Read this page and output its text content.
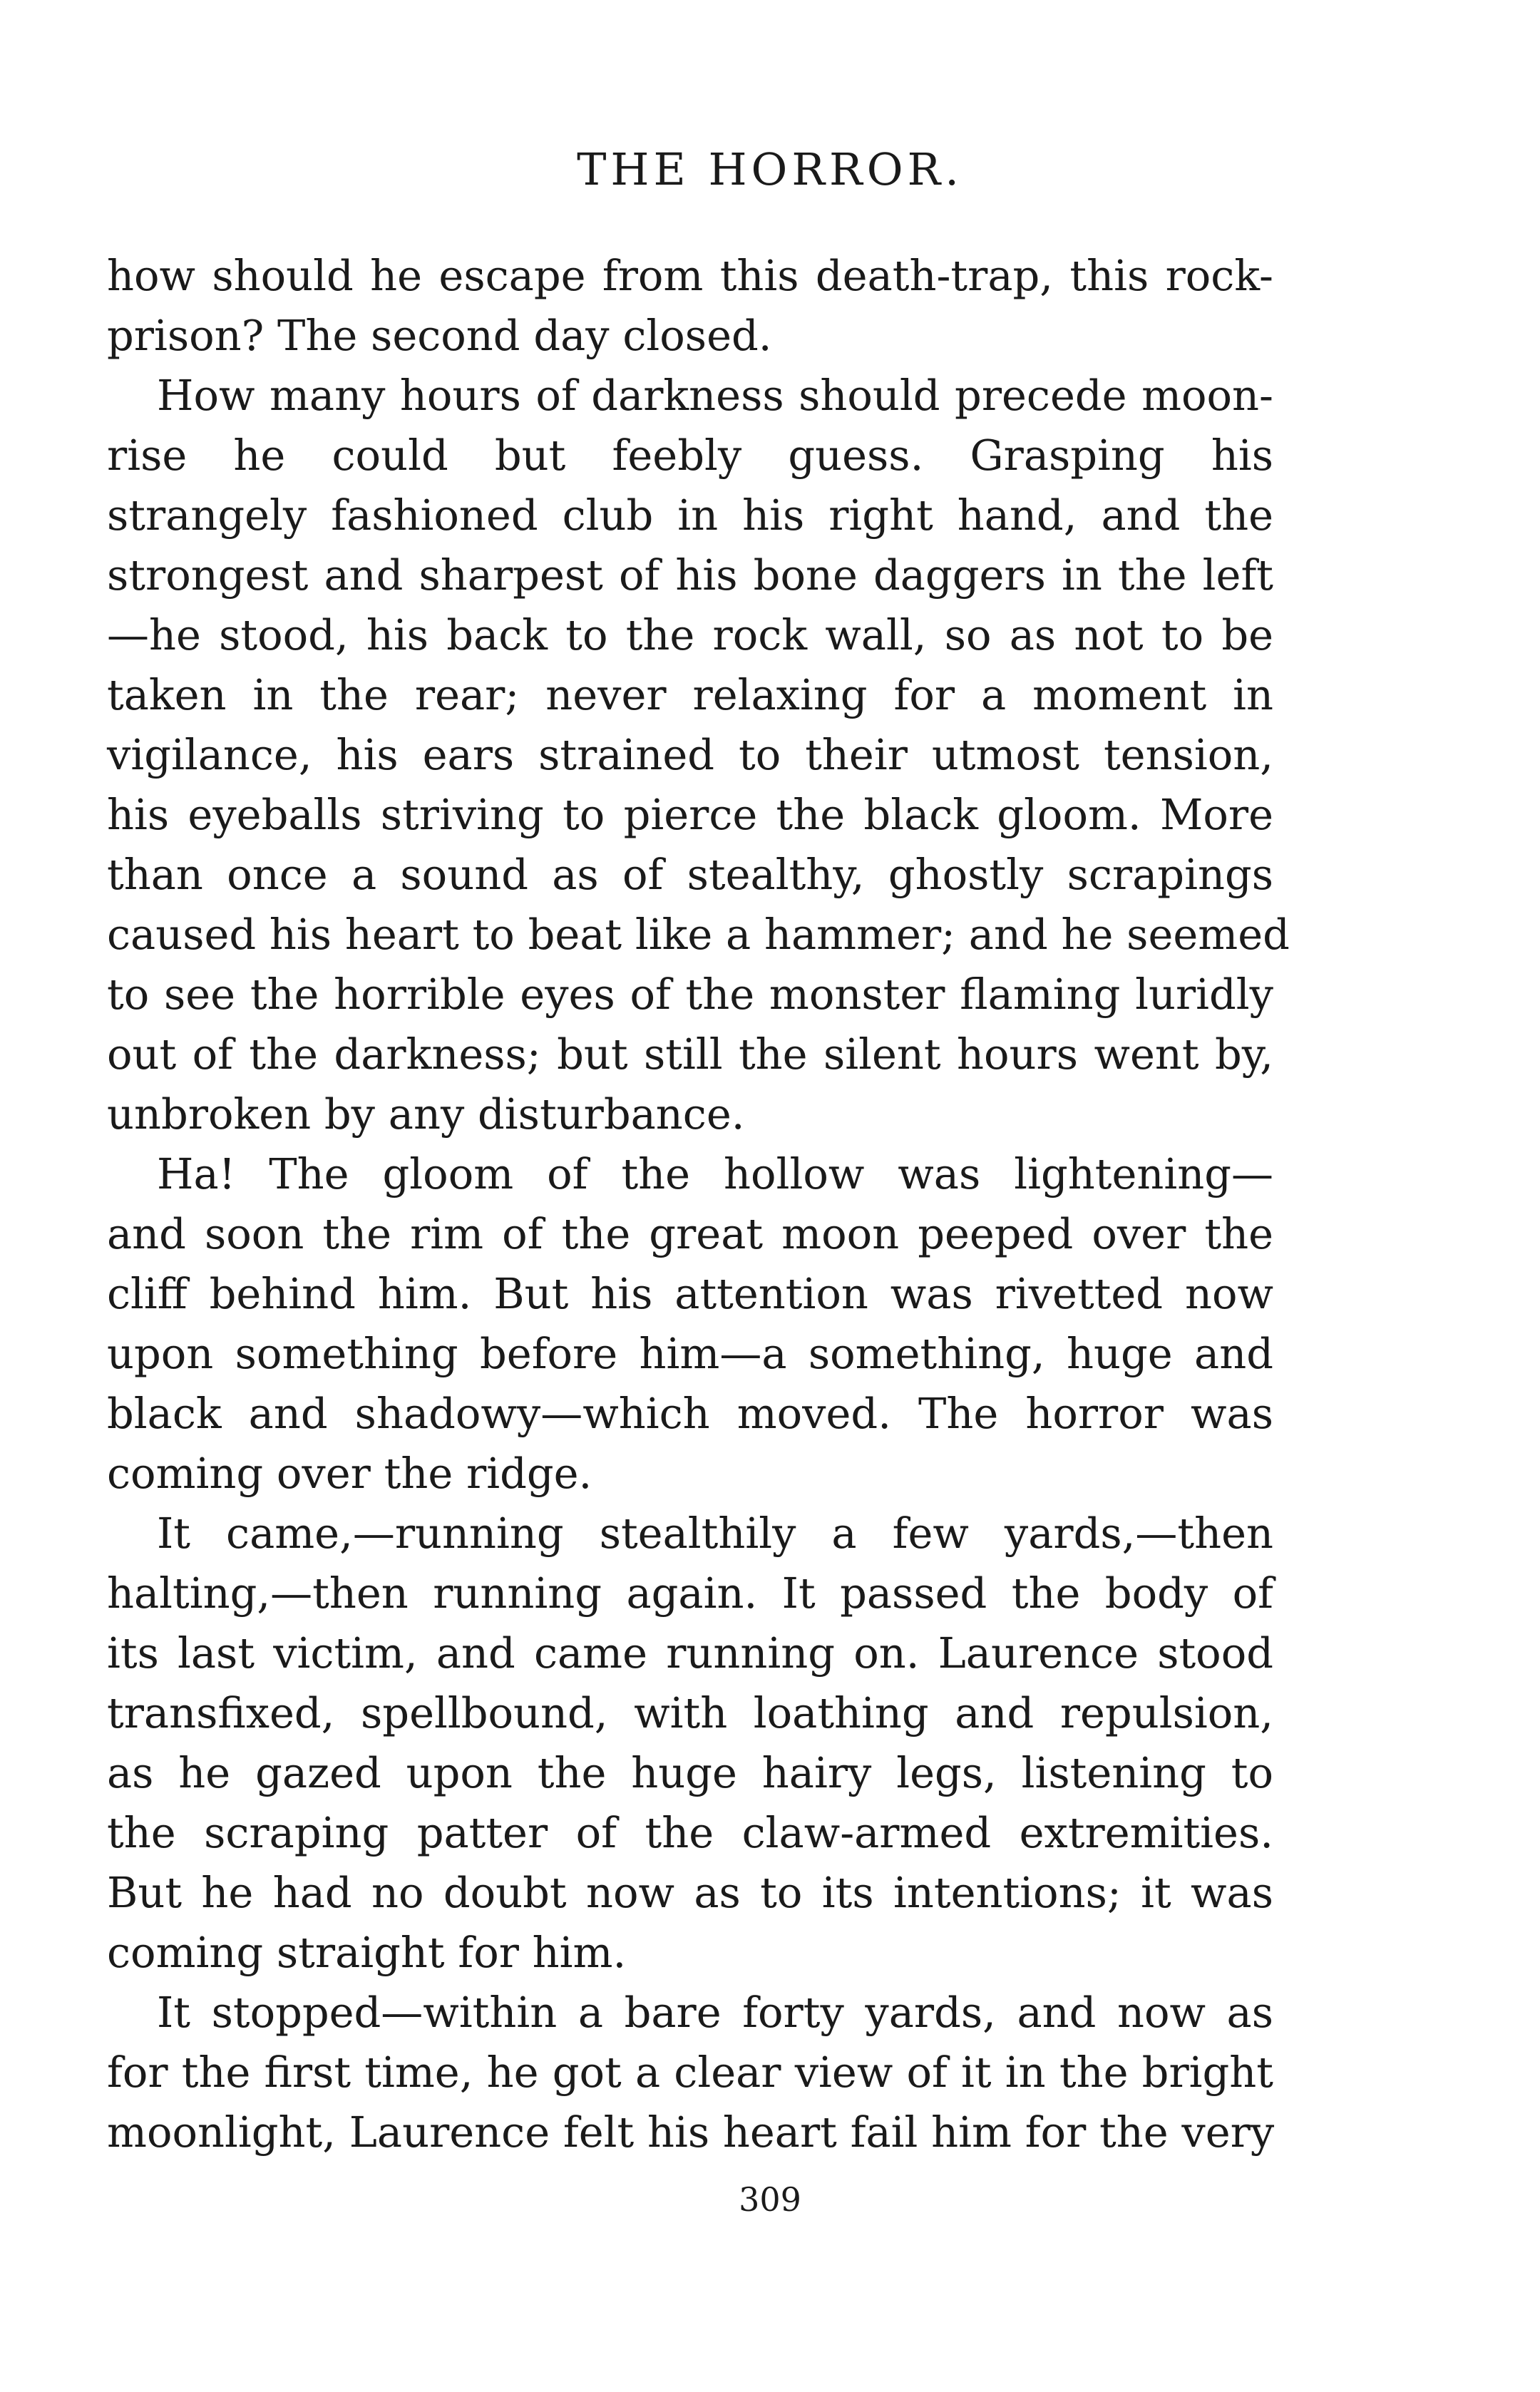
THE HORROR.
how should he escape from this death-trap, this rock-
prison? The second day closed.
How many hours of darkness should precede moon-
rise he could but feebly guess. Grasping his
strangely fashioned club in his right hand, and the
strongest and sharpest of his bone daggers in the left
—he stood, his back to the rock wall, so as not to be
taken in the rear; never relaxing for a moment in
vigilance, his ears strained to their utmost tension,
his eyeballs striving to pierce the black gloom. More
than once a sound as of stealthy, ghostly scrapings
caused his heart to beat like a hammer; and he seemed
to see the horrible eyes of the monster flaming luridly
out of the darkness; but still the silent hours went by,
unbroken by any disturbance.
Ha! The gloom of the hollow was lightening—
and soon the rim of the great moon peeped over the
cliff behind him. But his attention was rivetted now
upon something before him—a something, huge and
black and shadowy—which moved. The horror was
coming over the ridge.
It came,—running stealthily a few yards,—then
halting,—then running again. It passed the body of
its last victim, and came running on. Laurence stood
transfixed, spellbound, with loathing and repulsion,
as he gazed upon the huge hairy legs, listening to
the scraping patter of the claw-armed extremities.
But he had no doubt now as to its intentions; it was
coming straight for him.
It stopped—within a bare forty yards, and now as
for the first time, he got a clear view of it in the bright
moonlight, Laurence felt his heart fail him for the very
309
